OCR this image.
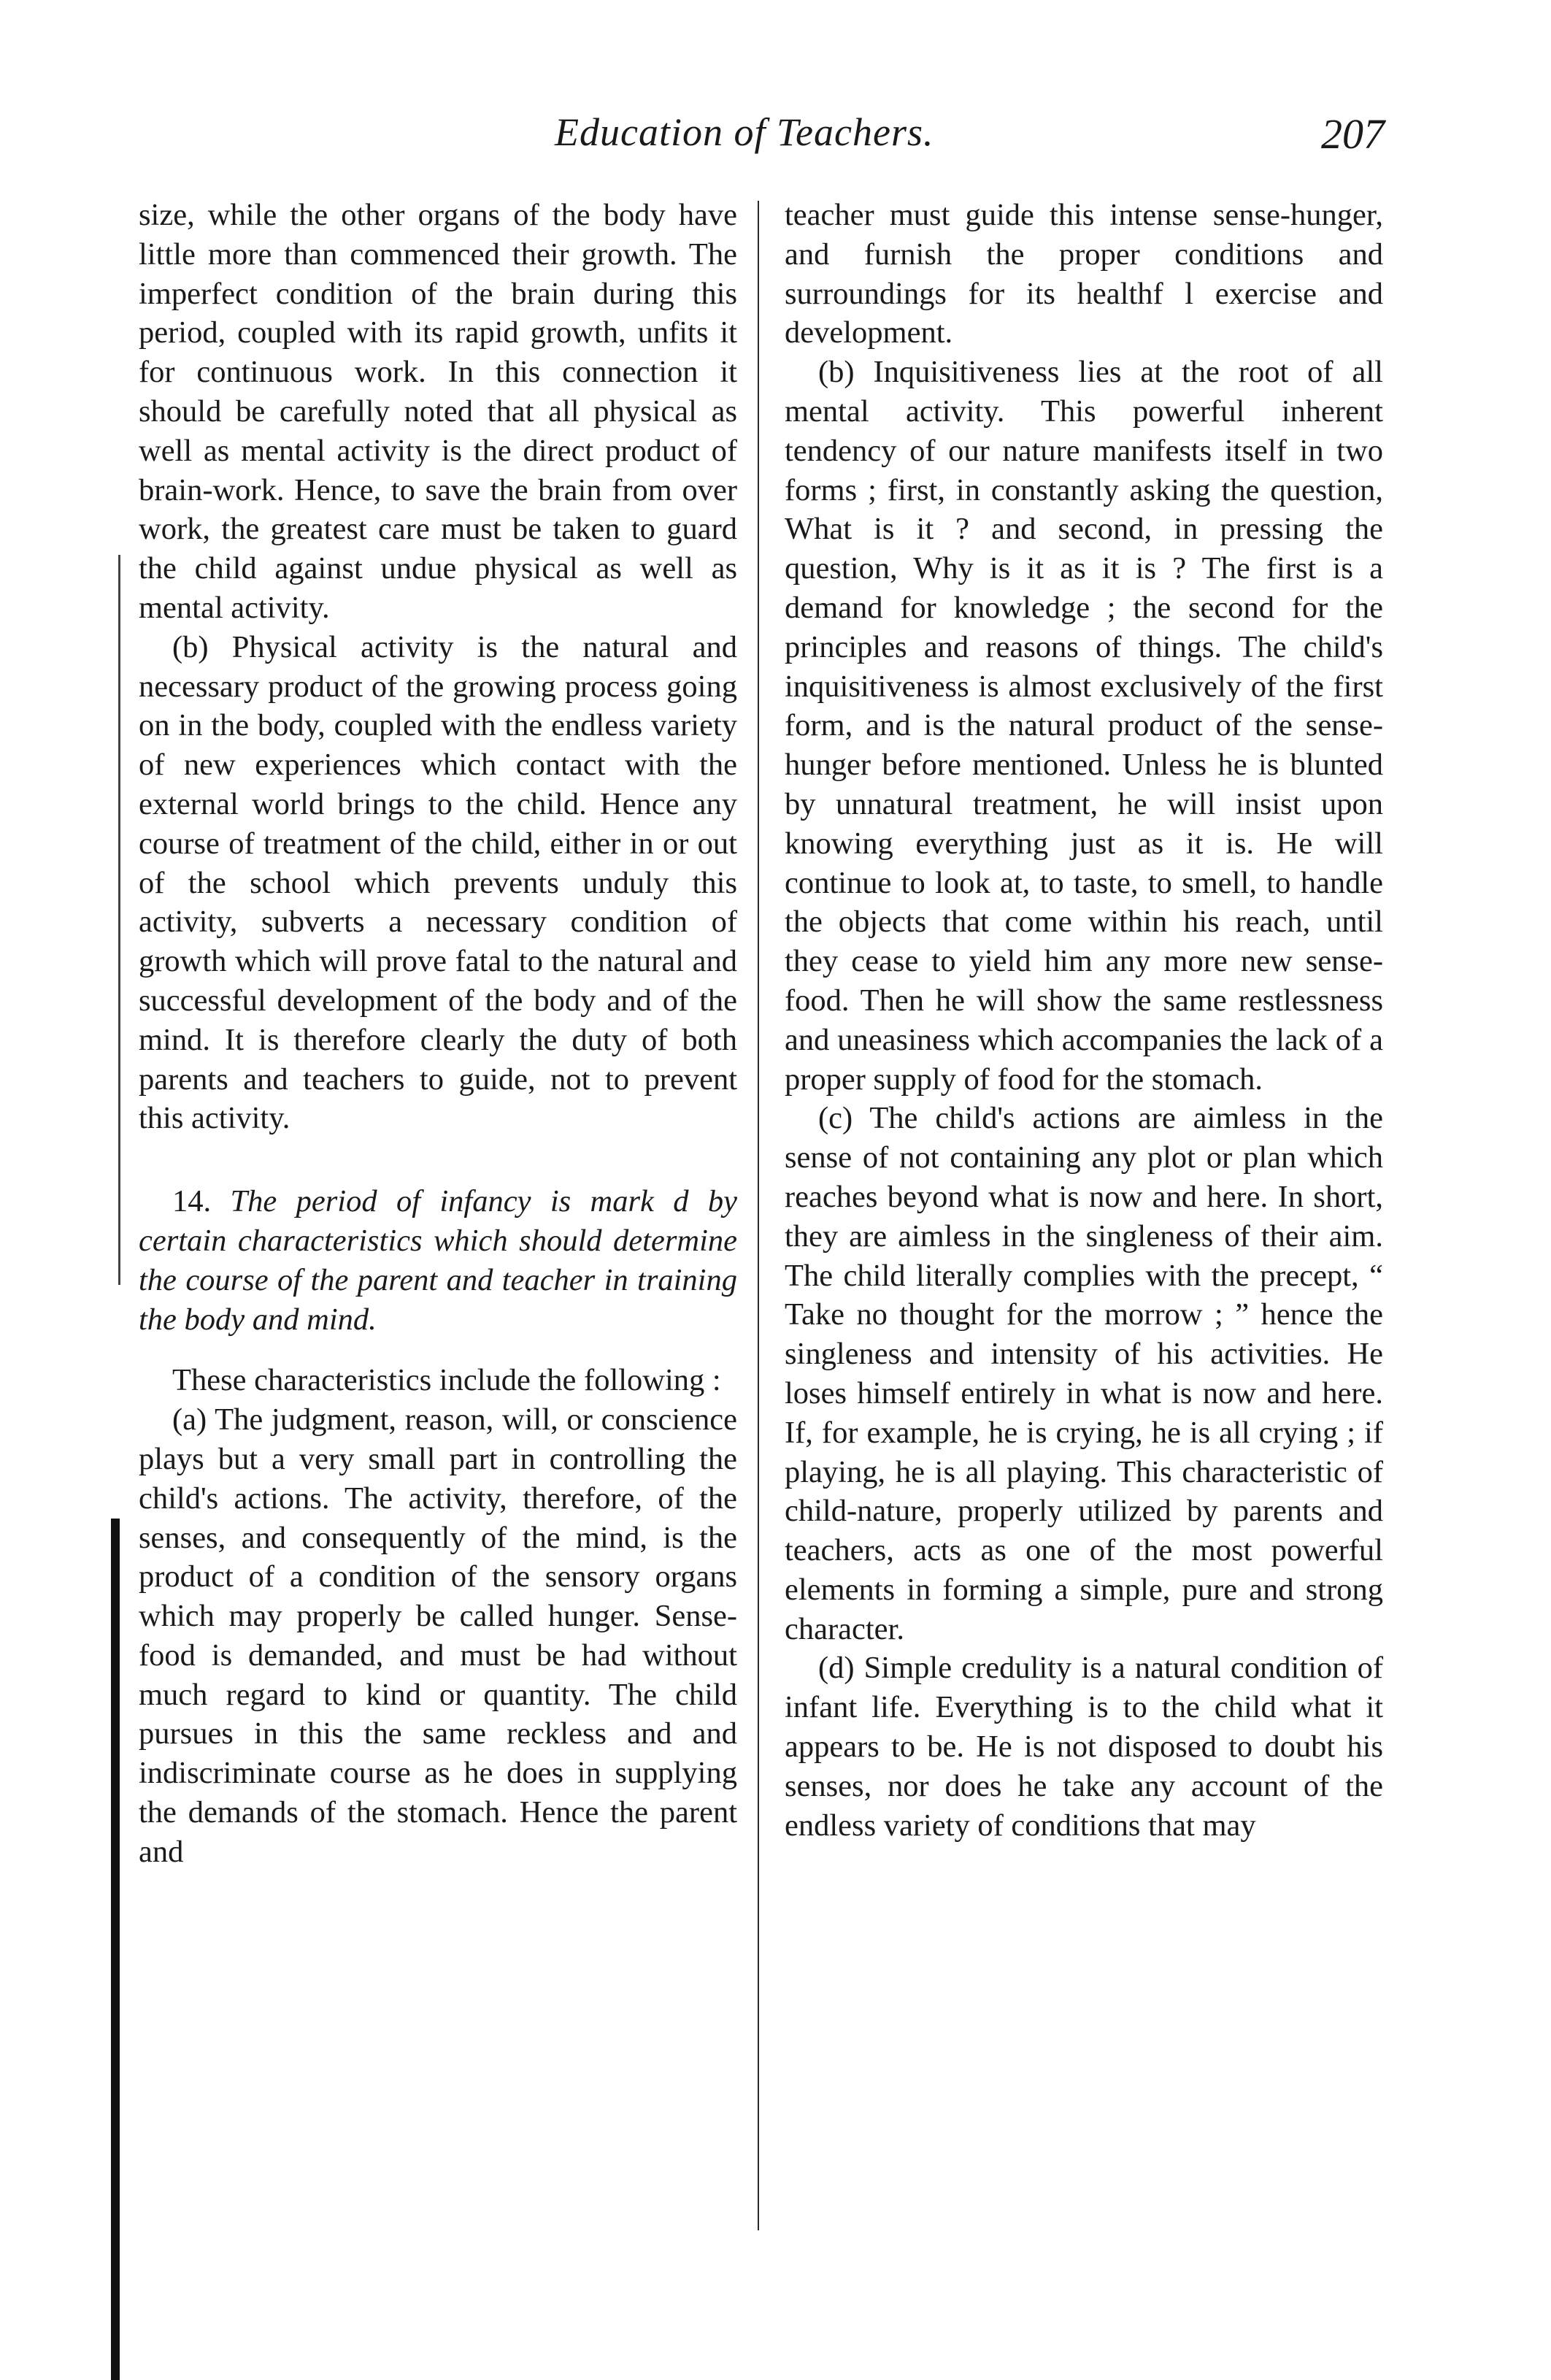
Education of Teachers.	207

size, while the other organs of the body have little more than commenced their growth. The imperfect condition of the brain during this period, coupled with its rapid growth, unfits it for continuous work. In this connection it should be carefully noted that all physical as well as mental activity is the direct product of brain-work. Hence, to save the brain from over work, the greatest care must be taken to guard the child against undue physical as well as mental activity.

(b) Physical activity is the natural and necessary product of the growing process going on in the body, coupled with the endless variety of new experiences which contact with the external world brings to the child. Hence any course of treatment of the child, either in or out of the school which prevents unduly this activity, subverts a necessary condition of growth which will prove fatal to the natural and successful development of the body and of the mind. It is therefore clearly the duty of both parents and teachers to guide, not to prevent this activity.

14. The period of infancy is mark d by certain characteristics which should determine the course of the parent and teacher in training the body and mind.

These characteristics include the following :

(a) The judgment, reason, will, or conscience plays but a very small part in controlling the child's actions. The activity, therefore, of the senses, and consequently of the mind, is the product of a condition of the sensory organs which may properly be called hunger. Sense-food is demanded, and must be had without much regard to kind or quantity. The child pursues in this the same reckless and and indiscriminate course as he does in supplying the demands of the stomach. Hence the parent and

teacher must guide this intense sense-hunger, and furnish the proper conditions and surroundings for its healthf l exercise and development.

(b) Inquisitiveness lies at the root of all mental activity. This powerful inherent tendency of our nature manifests itself in two forms ; first, in constantly asking the question, What is it ? and second, in pressing the question, Why is it as it is ? The first is a demand for knowledge ; the second for the principles and reasons of things. The child's inquisitiveness is almost exclusively of the first form, and is the natural product of the sense-hunger before mentioned. Unless he is blunted by unnatural treatment, he will insist upon knowing everything just as it is. He will continue to look at, to taste, to smell, to handle the objects that come within his reach, until they cease to yield him any more new sense-food. Then he will show the same restlessness and uneasiness which accompanies the lack of a proper supply of food for the stomach.

(c) The child's actions are aimless in the sense of not containing any plot or plan which reaches beyond what is now and here. In short, they are aimless in the singleness of their aim. The child literally complies with the precept, “ Take no thought for the morrow ; ” hence the singleness and intensity of his activities. He loses himself entirely in what is now and here. If, for example, he is crying, he is all crying ; if playing, he is all playing. This characteristic of child-nature, properly utilized by parents and teachers, acts as one of the most powerful elements in forming a simple, pure and strong character.

(d) Simple credulity is a natural condition of infant life. Everything is to the child what it appears to be. He is not disposed to doubt his senses, nor does he take any account of the endless variety of conditions that may
